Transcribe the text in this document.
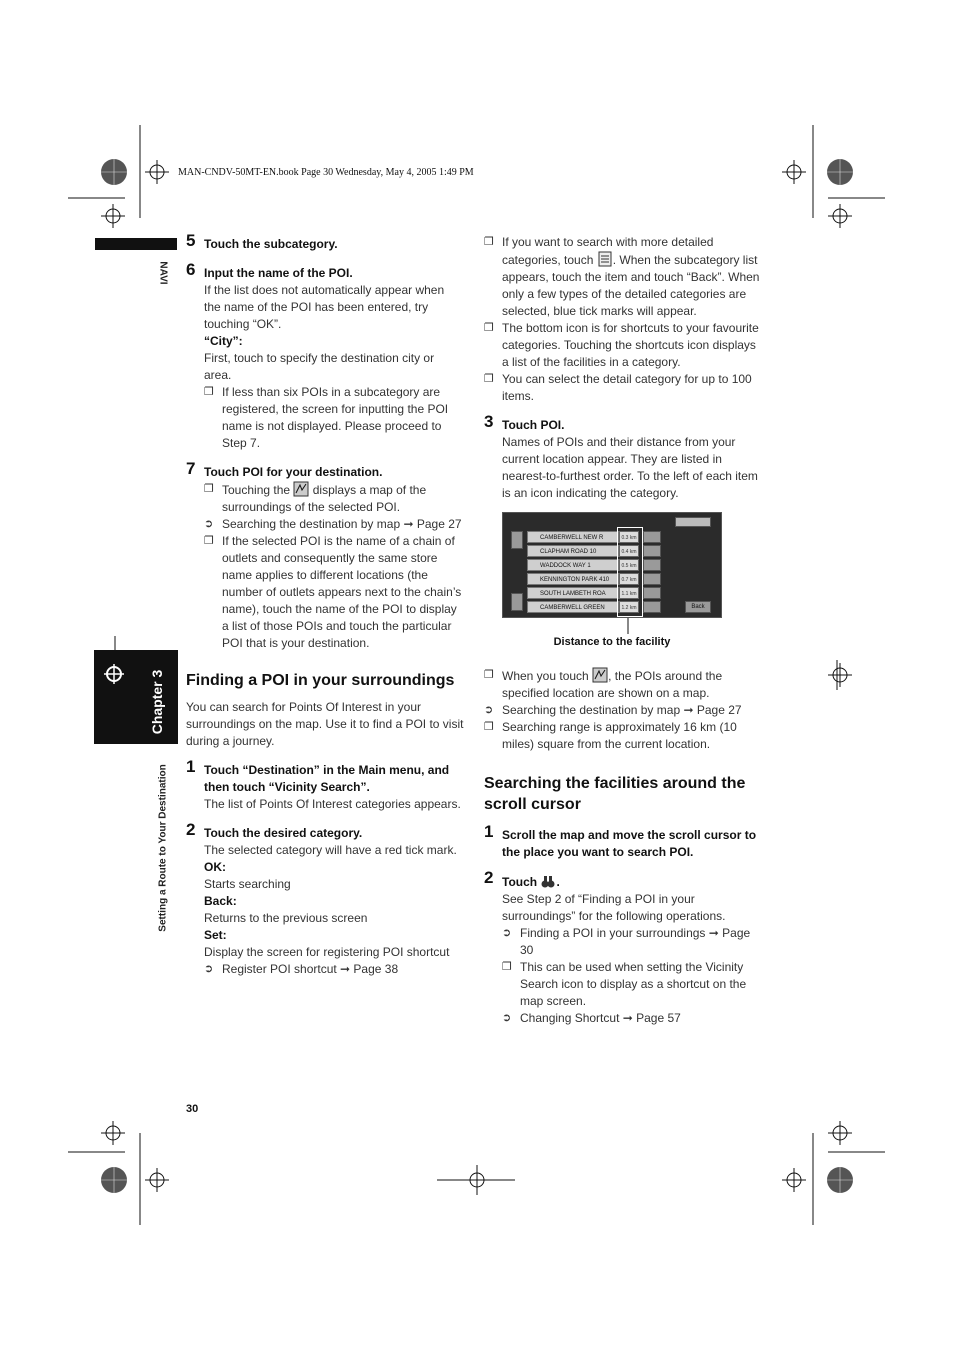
MAN-CNDV-50MT-EN.book Page 30 Wednesday, May 4, 2005 1:49 PM
NAVI
Chapter 3
Setting a Route to Your Destination
5 Touch the subcategory.
6 Input the name of the POI.

If the list does not automatically appear when the name of the POI has been entered, try touching “OK”.

“City”:

First, touch to specify the destination city or area.

❐ If less than six POIs in a subcategory are registered, the screen for inputting the POI name is not displayed. Please proceed to Step 7.
7 Touch POI for your destination.
❐ Touching the displays a map of the surroundings of the selected POI.
➲ Searching the destination by map ➞ Page 27
❐ If the selected POI is the name of a chain of outlets and consequently the same store name applies to different locations (the number of outlets appears next to the chain’s name), touch the name of the POI to display a list of those POIs and touch the particular POI that is your destination.
Finding a POI in your surroundings

You can search for Points Of Interest in your surroundings on the map. Use it to find a POI to visit during a journey.

1 Touch “Destination” in the Main menu, and then touch “Vicinity Search”.

The list of Points Of Interest categories appears.

2 Touch the desired category.

The selected category will have a red tick mark.

OK:

Starts searching

Back:

Returns to the previous screen

Set:

Display the screen for registering POI shortcut

➲ Register POI shortcut ➞ Page 38
❐ If you want to search with more detailed categories, touch . When the subcategory list appears, touch the item and touch “Back”. When only a few types of the detailed categories are selected, blue tick marks will appear.
❐ The bottom icon is for shortcuts to your favourite categories. Touching the shortcuts icon displays a list of the facilities in a category.
❐ You can select the detail category for up to 100 items.
3 Touch POI.

Names of POIs and their distance from your current location appear. They are listed in nearest-to-furthest order. To the left of each item is an icon indicating the category.

CAMBERWELL NEW R
CLAPHAM ROAD 10
WADDOCK WAY 1
KENNINGTON PARK 410
SOUTH LAMBETH ROA
CAMBERWELL GREEN
0.3 km
0.4 km
0.5 km
0.7 km
1.1 km
1.2 km	Back
Distance to the facility
❐ When you touch , the POIs around the specified location are shown on a map.
➲ Searching the destination by map ➞ Page 27
❐ Searching range is approximately 16 km (10 miles) square from the current location.
Searching the facilities around the scroll cursor
1 Scroll the map and move the scroll cursor to the place you want to search POI.
2 Touch .

See Step 2 of “Finding a POI in your surroundings” for the following operations.

➲ Finding a POI in your surroundings ➞ Page 30
❐ This can be used when setting the Vicinity Search icon to display as a shortcut on the map screen.
➲ Changing Shortcut ➞ Page 57
30
